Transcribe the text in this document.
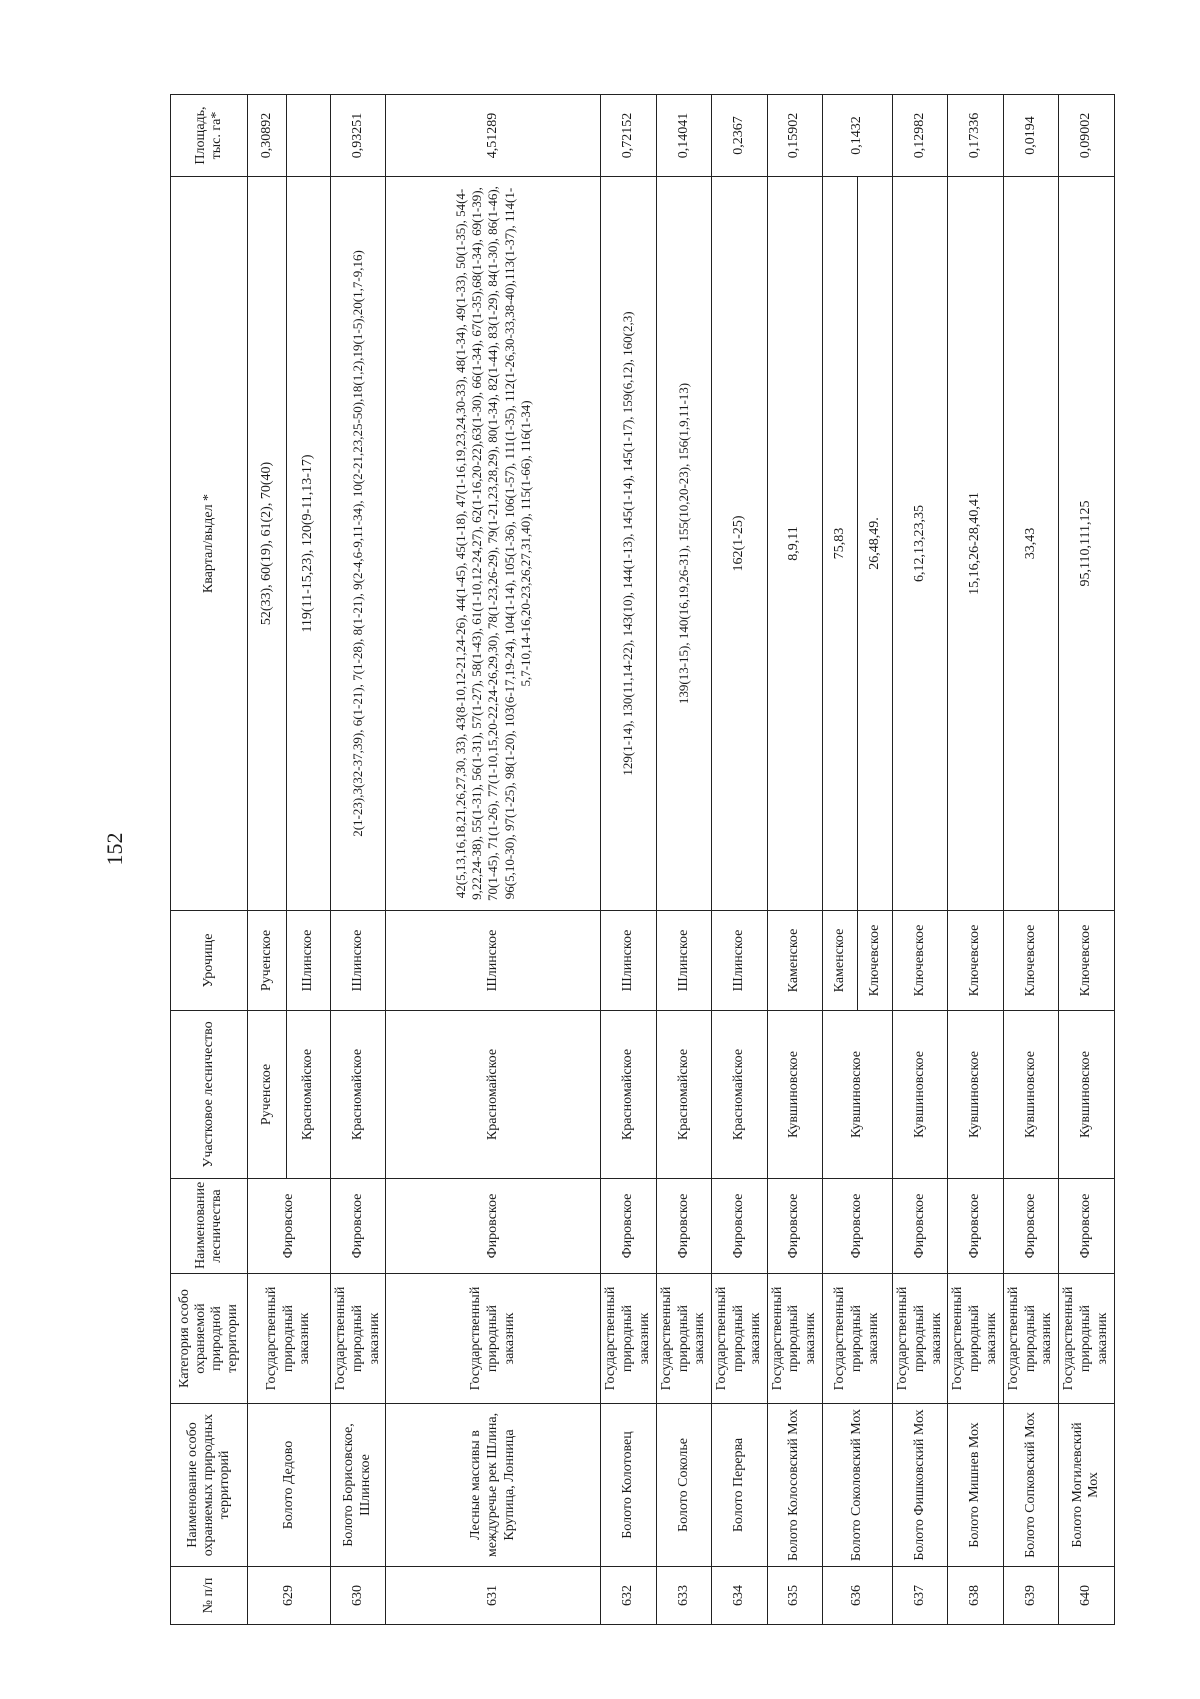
152
№ п/п	Наименование особо охраняемых природных территорий	Категория особо охраняемой природной территории	Наименование лесничества	Участковое лесничество	Урочище	Квартал/выдел *	Площадь, тыс. га*
629	Болото Дедово	Государственный природный заказник	Фировское	Рученское	Рученское	52(33), 60(19), 61(2), 70(40)	0,30892
				Красномайское	Шлинское	119(11-15,23), 120(9-11,13-17)	
630	Болото Борисовское, Шлинское	Государственный природный заказник	Фировское	Красномайское	Шлинское	2(1-23),3(32-37,39), 6(1-21), 7(1-28), 8(1-21), 9(2-4,6-9,11-34), 10(2-21,23,25-50),18(1,2),19(1-5),20(1,7-9,16)	0,93251
631	Лесные массивы в междуречье рек Шлина, Крупица, Лонница	Государственный природный заказник	Фировское	Красномайское	Шлинское	42(5,13,16,18,21,26,27,30, 33), 43(8-10,12-21,24-26), 44(1-45), 45(1-18), 47(1-16,19,23,24,30-33), 48(1-34), 49(1-33), 50(1-35), 54(4-9,22,24-38), 55(1-31), 56(1-31), 57(1-27), 58(1-43), 61(1-10,12-24,27), 62(1-16,20-22),63(1-30), 66(1-34), 67(1-35),68(1-34), 69(1-39), 70(1-45), 71(1-26), 77(1-10,15,20-22,24-26,29,30), 78(1-23,26-29), 79(1-21,23,28,29), 80(1-34), 82(1-44), 83(1-29), 84(1-30), 86(1-46), 96(5,10-30), 97(1-25), 98(1-20), 103(6-17,19-24), 104(1-14), 105(1-36), 106(1-57), 111(1-35), 112(1-26,30-33,38-40),113(1-37), 114(1-5,7-10,14-16,20-23,26,27,31,40), 115(1-66), 116(1-34)	4,51289
632	Болото Колотовец	Государственный природный заказник	Фировское	Красномайское	Шлинское	129(1-14), 130(11,14-22), 143(10), 144(1-13), 145(1-14), 145(1-17), 159(6,12), 160(2,3)	0,72152
633	Болото Соколье	Государственный природный заказник	Фировское	Красномайское	Шлинское	139(13-15), 140(16,19,26-31), 155(10,20-23), 156(1,9,11-13)	0,14041
634	Болото Перерва	Государственный природный заказник	Фировское	Красномайское	Шлинское	162(1-25)	0,2367
635	Болото Колосовский Мох	Государственный природный заказник	Фировское	Кувшиновское	Каменское	8,9,11	0,15902
636	Болото Соколовский Мох	Государственный природный заказник	Фировское	Кувшиновское	Каменское	75,83	0,1432
					Ключевское	26,48,49.	
637	Болото Фишковский Мох	Государственный природный заказник	Фировское	Кувшиновское	Ключевское	6,12,13,23,35	0,12982
638	Болото Мишнев Мох	Государственный природный заказник	Фировское	Кувшиновское	Ключевское	15,16,26-28,40,41	0,17336
639	Болото Сопковский Мох	Государственный природный заказник	Фировское	Кувшиновское	Ключевское	33,43	0,0194
640	Болото Могилевский Мох	Государственный природный заказник	Фировское	Кувшиновское	Ключевское	95,110,111,125	0,09002
